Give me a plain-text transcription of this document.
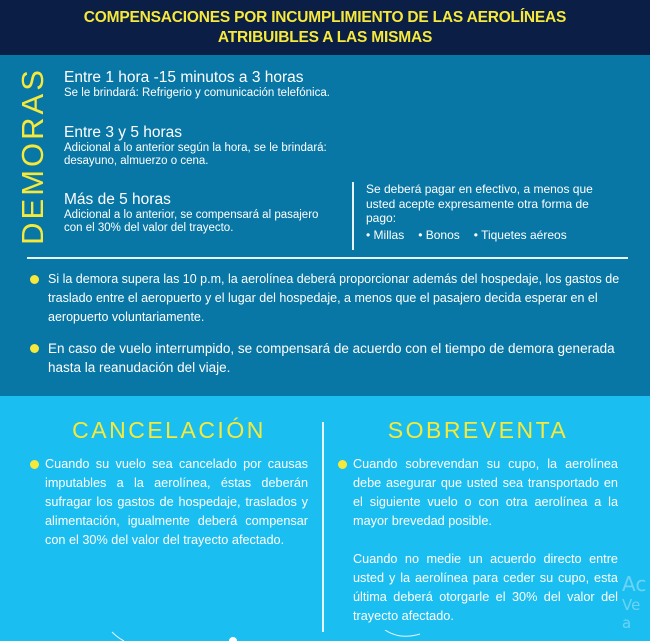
COMPENSACIONES POR INCUMPLIMIENTO DE LAS AEROLÍNEAS
ATRIBUIBLES A LAS MISMAS
DEMORAS Entre 1 hora -15 minutos a 3 horas
Se le brindará: Refrigerio y comunicación telefónica.
Entre 3 y 5 horas
Adicional a lo anterior según la hora, se le brindará:
desayuno, almuerzo o cena.
Más de 5 horas
Adicional a lo anterior, se compensará al pasajero
con el 30% del valor del trayecto.
Se deberá pagar en efectivo, a menos que
usted acepte expresamente otra forma de
pago:
• Millas • Bonos • Tiquetes aéreos
Si la demora supera las 10 p.m, la aerolínea deberá proporcionar además del hospedaje, los gastos de
traslado entre el aeropuerto y el lugar del hospedaje, a menos que el pasajero decida esperar en el
aeropuerto voluntariamente.
En caso de vuelo interrumpido, se compensará de acuerdo con el tiempo de demora generada
hasta la reanudación del viaje.
CANCELACIÓN

Cuando su vuelo sea cancelado por causas imputables a la aerolínea, éstas deberán sufragar los gastos de hospedaje, traslados y alimentación, igualmente deberá compensar con el 30% del valor del trayecto afectado.

SOBREVENTA

Cuando sobrevendan su cupo, la aerolínea debe asegurar que usted sea transportado en el siguiente vuelo o con otra aerolínea a la mayor brevedad posible.

Cuando no medie un acuerdo directo entre usted y la aerolínea para ceder su cupo, esta última deberá otorgarle el 30% del valor del trayecto afectado.

Ac
Ve a
